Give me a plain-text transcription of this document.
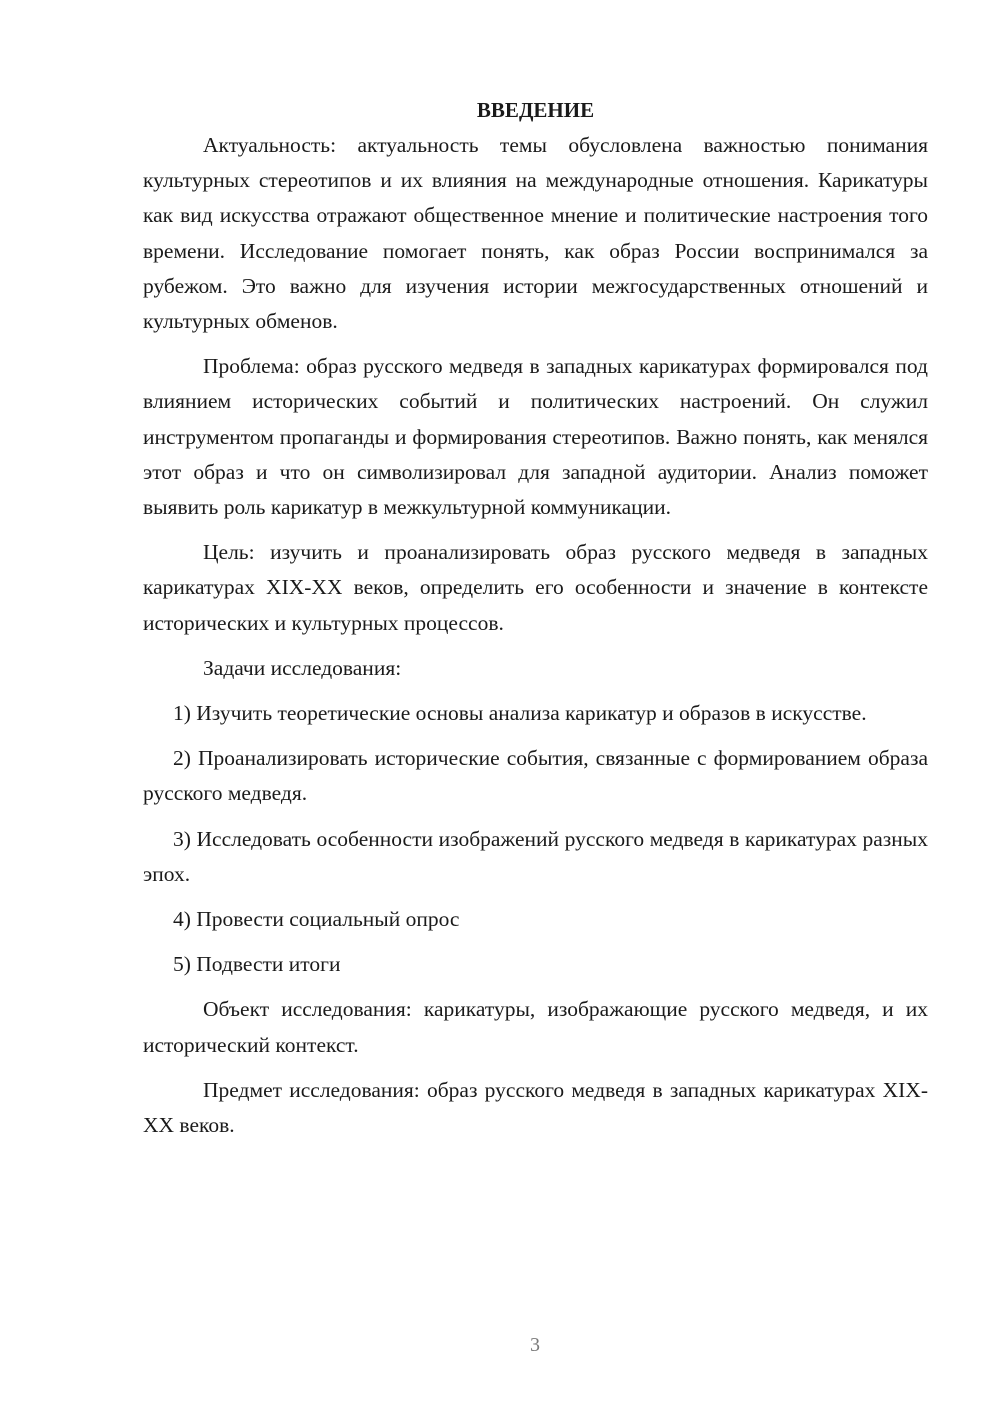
ВВЕДЕНИЕ

Актуальность: актуальность темы обусловлена важностью понимания культурных стереотипов и их влияния на международные отношения. Карикатуры как вид искусства отражают общественное мнение и политические настроения того времени. Исследование помогает понять, как образ России воспринимался за рубежом. Это важно для изучения истории межгосударственных отношений и культурных обменов.

Проблема: образ русского медведя в западных карикатурах формировался под влиянием исторических событий и политических настроений. Он служил инструментом пропаганды и формирования стереотипов. Важно понять, как менялся этот образ и что он символизировал для западной аудитории. Анализ поможет выявить роль карикатур в межкультурной коммуникации.

Цель: изучить и проанализировать образ русского медведя в западных карикатурах XIX-XX веков, определить его особенности и значение в контексте исторических и культурных процессов.

Задачи исследования:

1) Изучить теоретические основы анализа карикатур и образов в искусстве.

2) Проанализировать исторические события, связанные с формированием образа русского медведя.

3) Исследовать особенности изображений русского медведя в карикатурах разных эпох.

4) Провести социальный опрос

5) Подвести итоги

Объект исследования: карикатуры, изображающие русского медведя, и их исторический контекст.

Предмет исследования: образ русского медведя в западных карикатурах XIX-XX веков.

3
